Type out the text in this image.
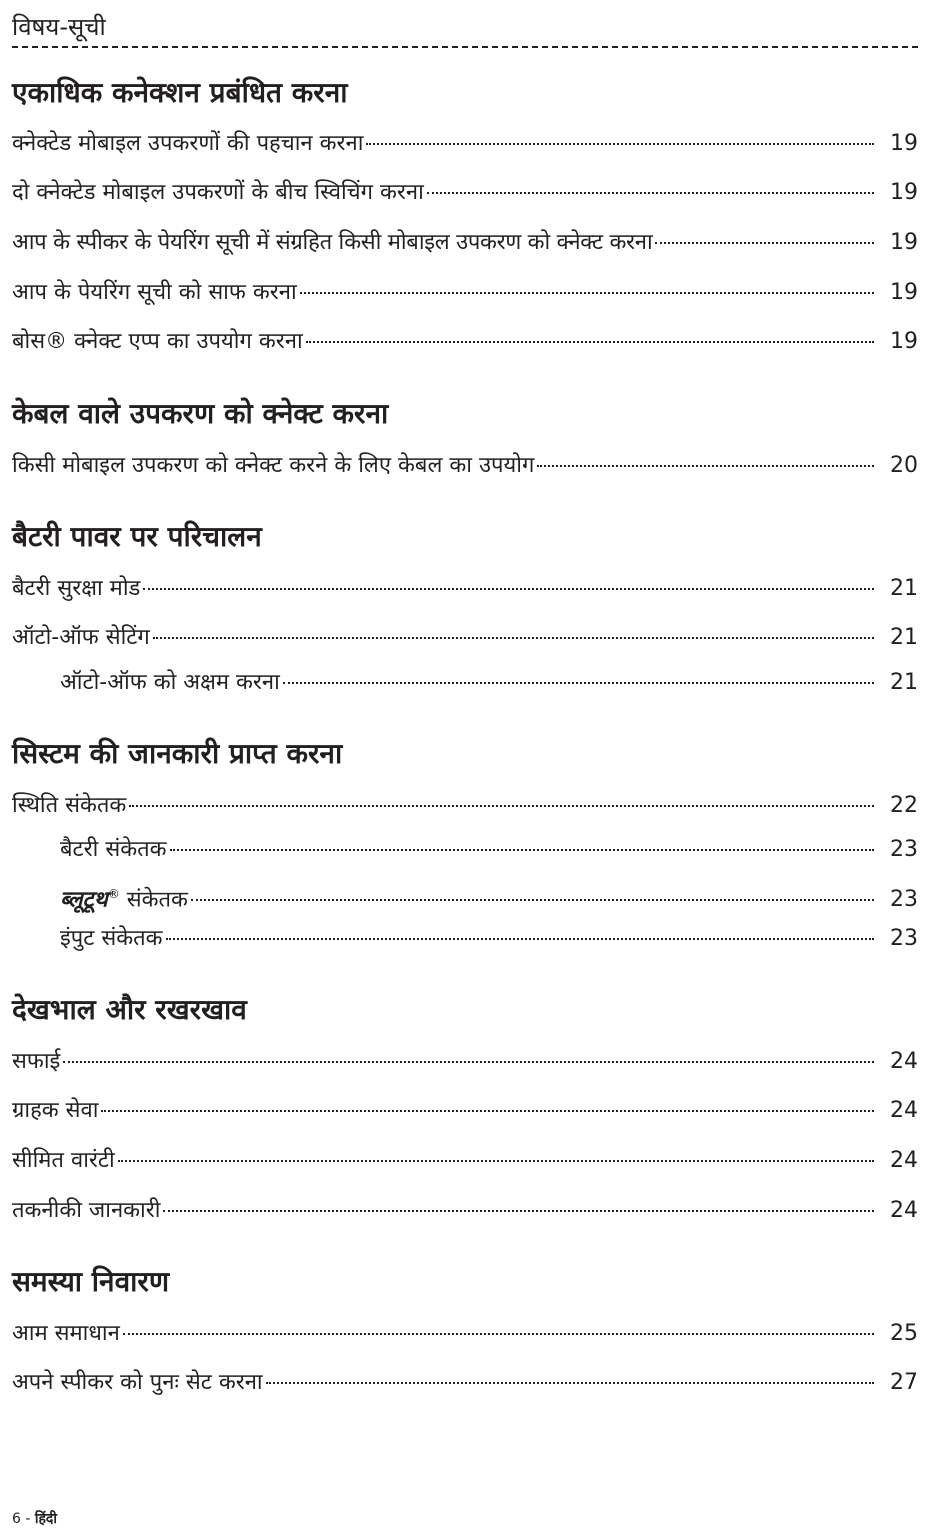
विषय-सूची
एकाधिक कनेक्शन प्रबंधित करना
क्नेक्टेड मोबाइल उपकरणों की पहचान करना	19
दो क्नेक्टेड मोबाइल उपकरणों के बीच स्विचिंग करना	19
आप के स्पीकर के पेयरिंग सूची में संग्रहित किसी मोबाइल उपकरण को क्नेक्ट करना	19
आप के पेयरिंग सूची को साफ करना	19
बोस® क्नेक्ट एप्प का उपयोग करना	19
केबल वाले उपकरण को क्नेक्ट करना
किसी मोबाइल उपकरण को क्नेक्ट करने के लिए केबल का उपयोग	20
बैटरी पावर पर परिचालन
बैटरी सुरक्षा मोड	21
ऑटो-ऑफ सेटिंग	21
ऑटो-ऑफ को अक्षम करना	21
सिस्टम की जानकारी प्राप्त करना
स्थिति संकेतक	22
बैटरी संकेतक	23
ब्लूटूथ® संकेतक	23
इंपुट संकेतक	23
देखभाल और रखरखाव
सफाई	24
ग्राहक सेवा	24
सीमित वारंटी	24
तकनीकी जानकारी	24
समस्या निवारण
आम समाधान	25
अपने स्पीकर को पुनः सेट करना	27
6 - हिंदी
